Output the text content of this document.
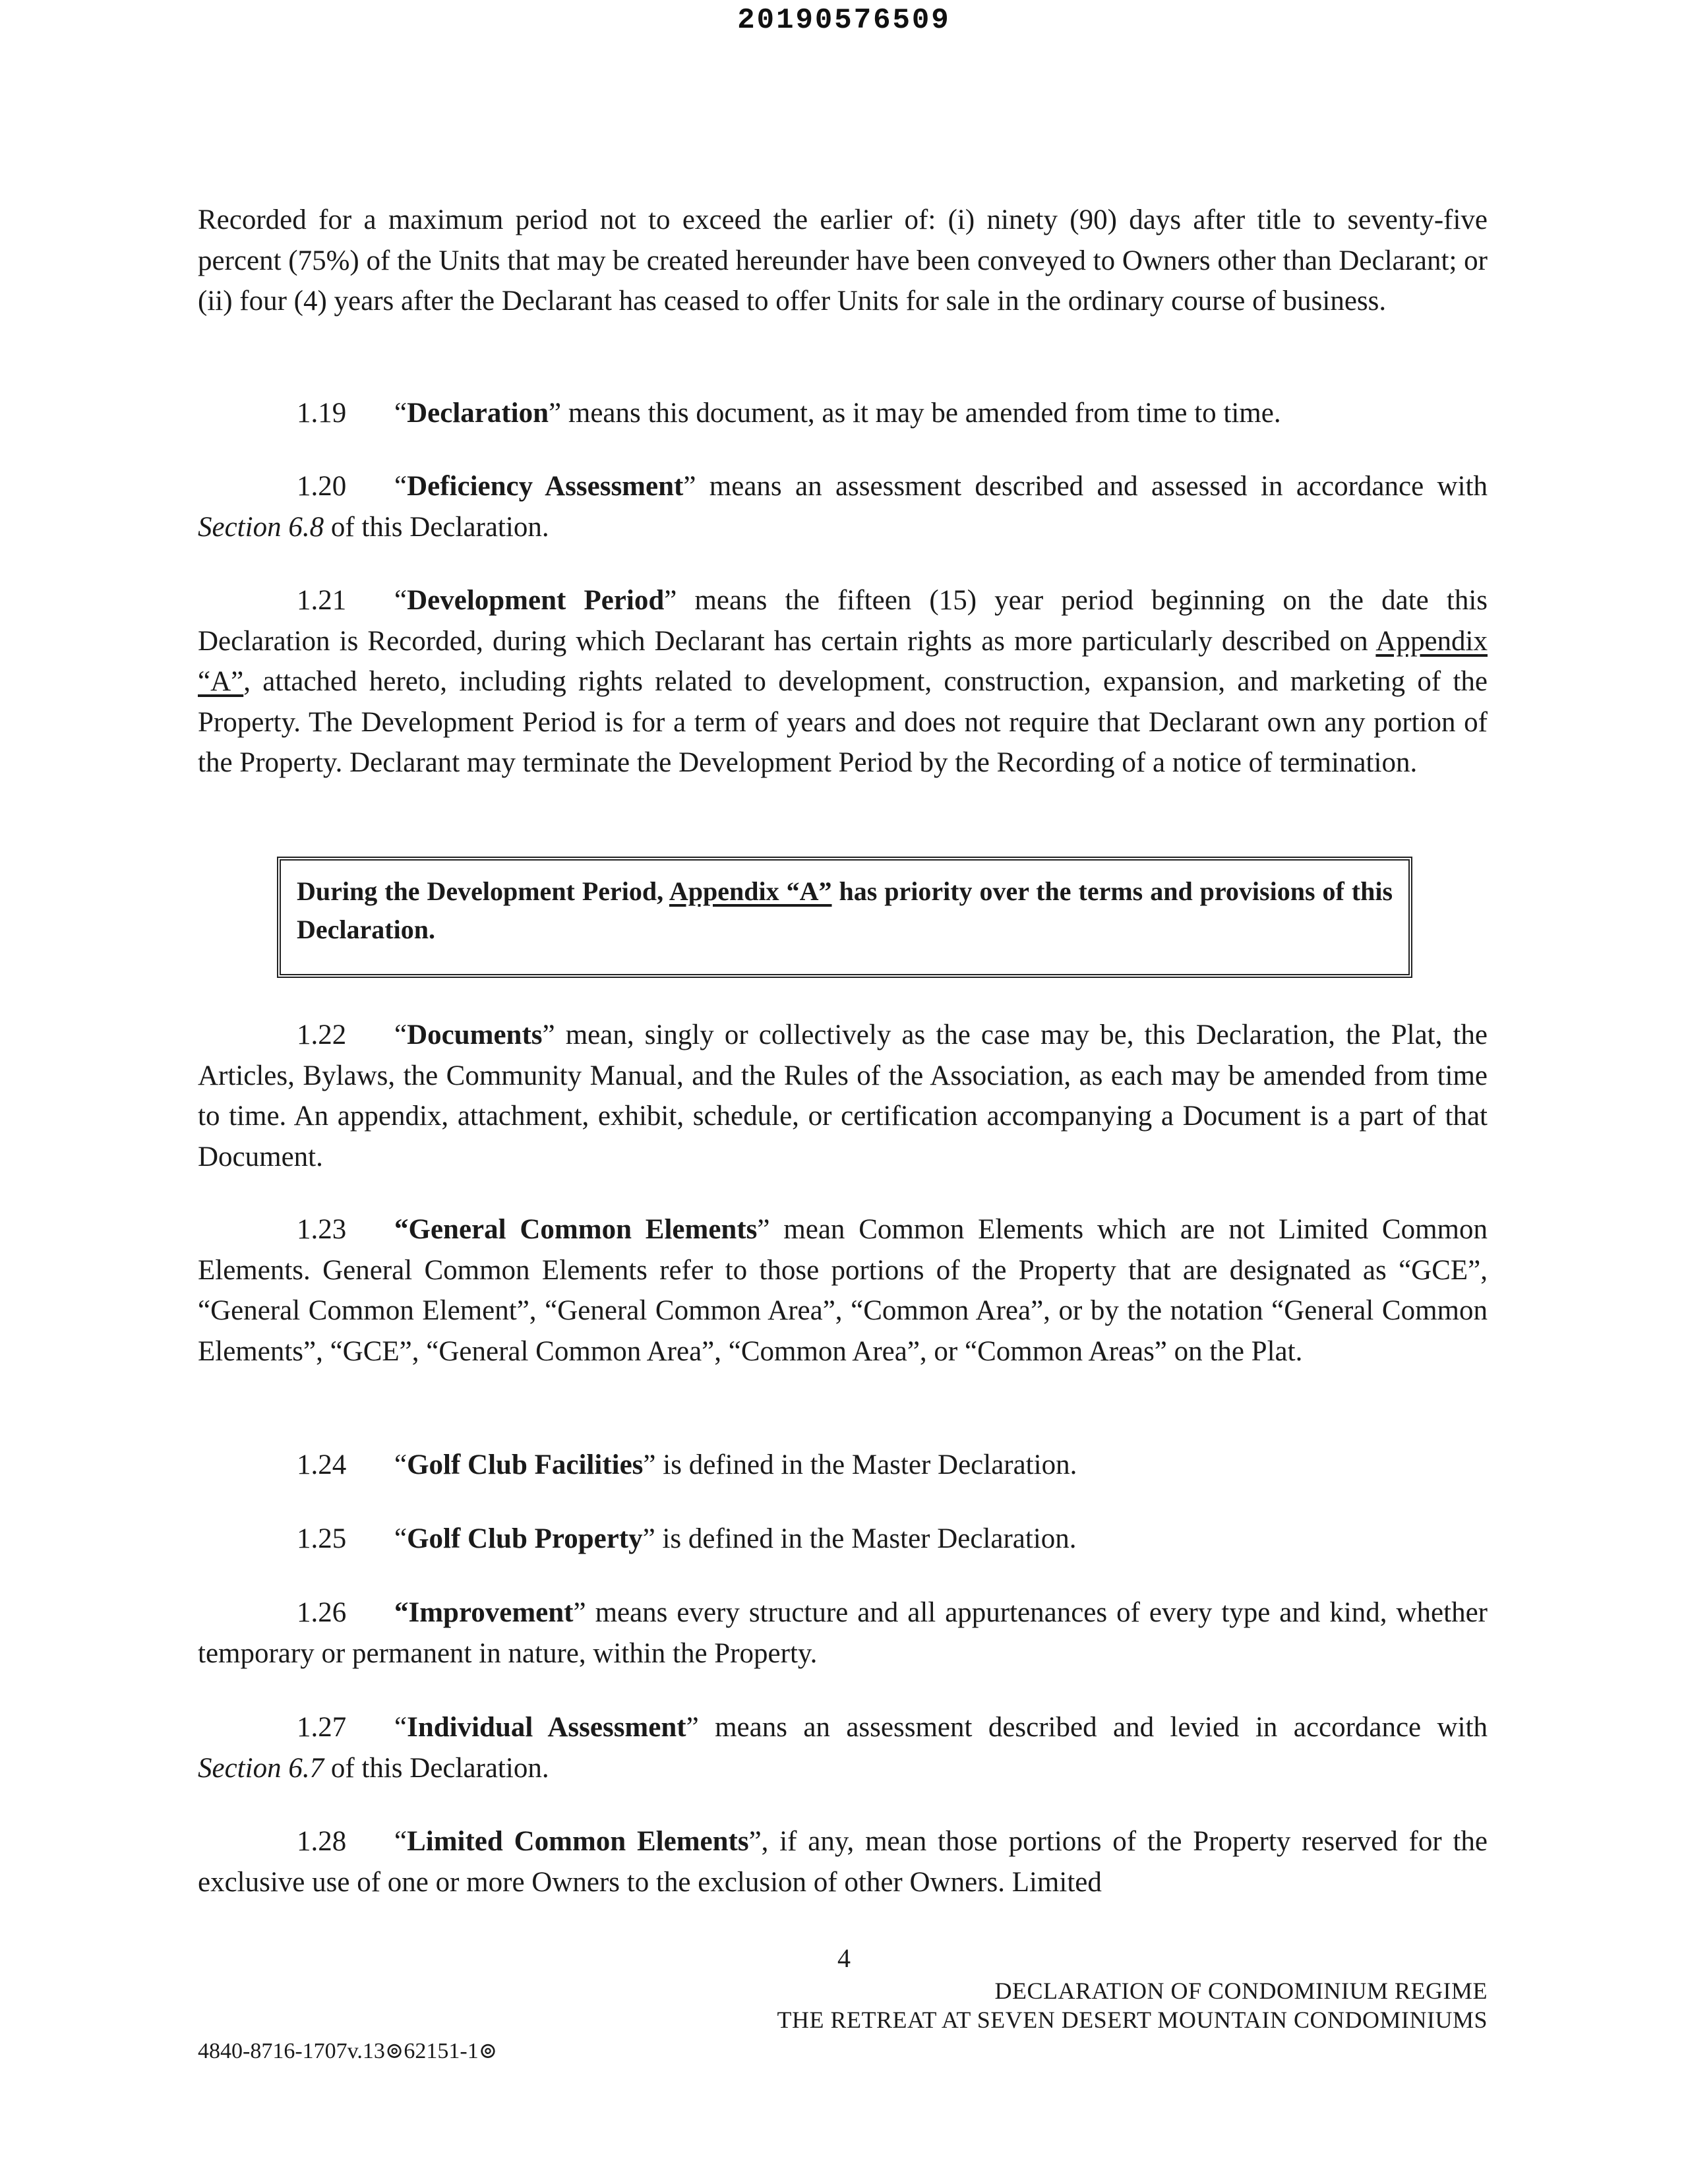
20190576509

Recorded for a maximum period not to exceed the earlier of: (i) ninety (90) days after title to seventy-five percent (75%) of the Units that may be created hereunder have been conveyed to Owners other than Declarant; or (ii) four (4) years after the Declarant has ceased to offer Units for sale in the ordinary course of business.

1.19 “Declaration” means this document, as it may be amended from time to time.

1.20 “Deficiency Assessment” means an assessment described and assessed in accordance with Section 6.8 of this Declaration.

1.21 “Development Period” means the fifteen (15) year period beginning on the date this Declaration is Recorded, during which Declarant has certain rights as more particularly described on Appendix “A”, attached hereto, including rights related to development, construction, expansion, and marketing of the Property. The Development Period is for a term of years and does not require that Declarant own any portion of the Property. Declarant may terminate the Development Period by the Recording of a notice of termination.

During the Development Period, Appendix “A” has priority over the terms and provisions of this Declaration.

1.22 “Documents” mean, singly or collectively as the case may be, this Declaration, the Plat, the Articles, Bylaws, the Community Manual, and the Rules of the Association, as each may be amended from time to time. An appendix, attachment, exhibit, schedule, or certification accompanying a Document is a part of that Document.

1.23 “General Common Elements” mean Common Elements which are not Limited Common Elements. General Common Elements refer to those portions of the Property that are designated as “GCE”, “General Common Element”, “General Common Area”, “Common Area”, or by the notation “General Common Elements”, “GCE”, “General Common Area”, “Common Area”, or “Common Areas” on the Plat.

1.24 “Golf Club Facilities” is defined in the Master Declaration.

1.25 “Golf Club Property” is defined in the Master Declaration.

1.26 “Improvement” means every structure and all appurtenances of every type and kind, whether temporary or permanent in nature, within the Property.

1.27 “Individual Assessment” means an assessment described and levied in accordance with Section 6.7 of this Declaration.

1.28 “Limited Common Elements”, if any, mean those portions of the Property reserved for the exclusive use of one or more Owners to the exclusion of other Owners. Limited

4
DECLARATION OF CONDOMINIUM REGIME
THE RETREAT AT SEVEN DESERT MOUNTAIN CONDOMINIUMS
4840-8716-1707v.13⊚62151-1⊚
